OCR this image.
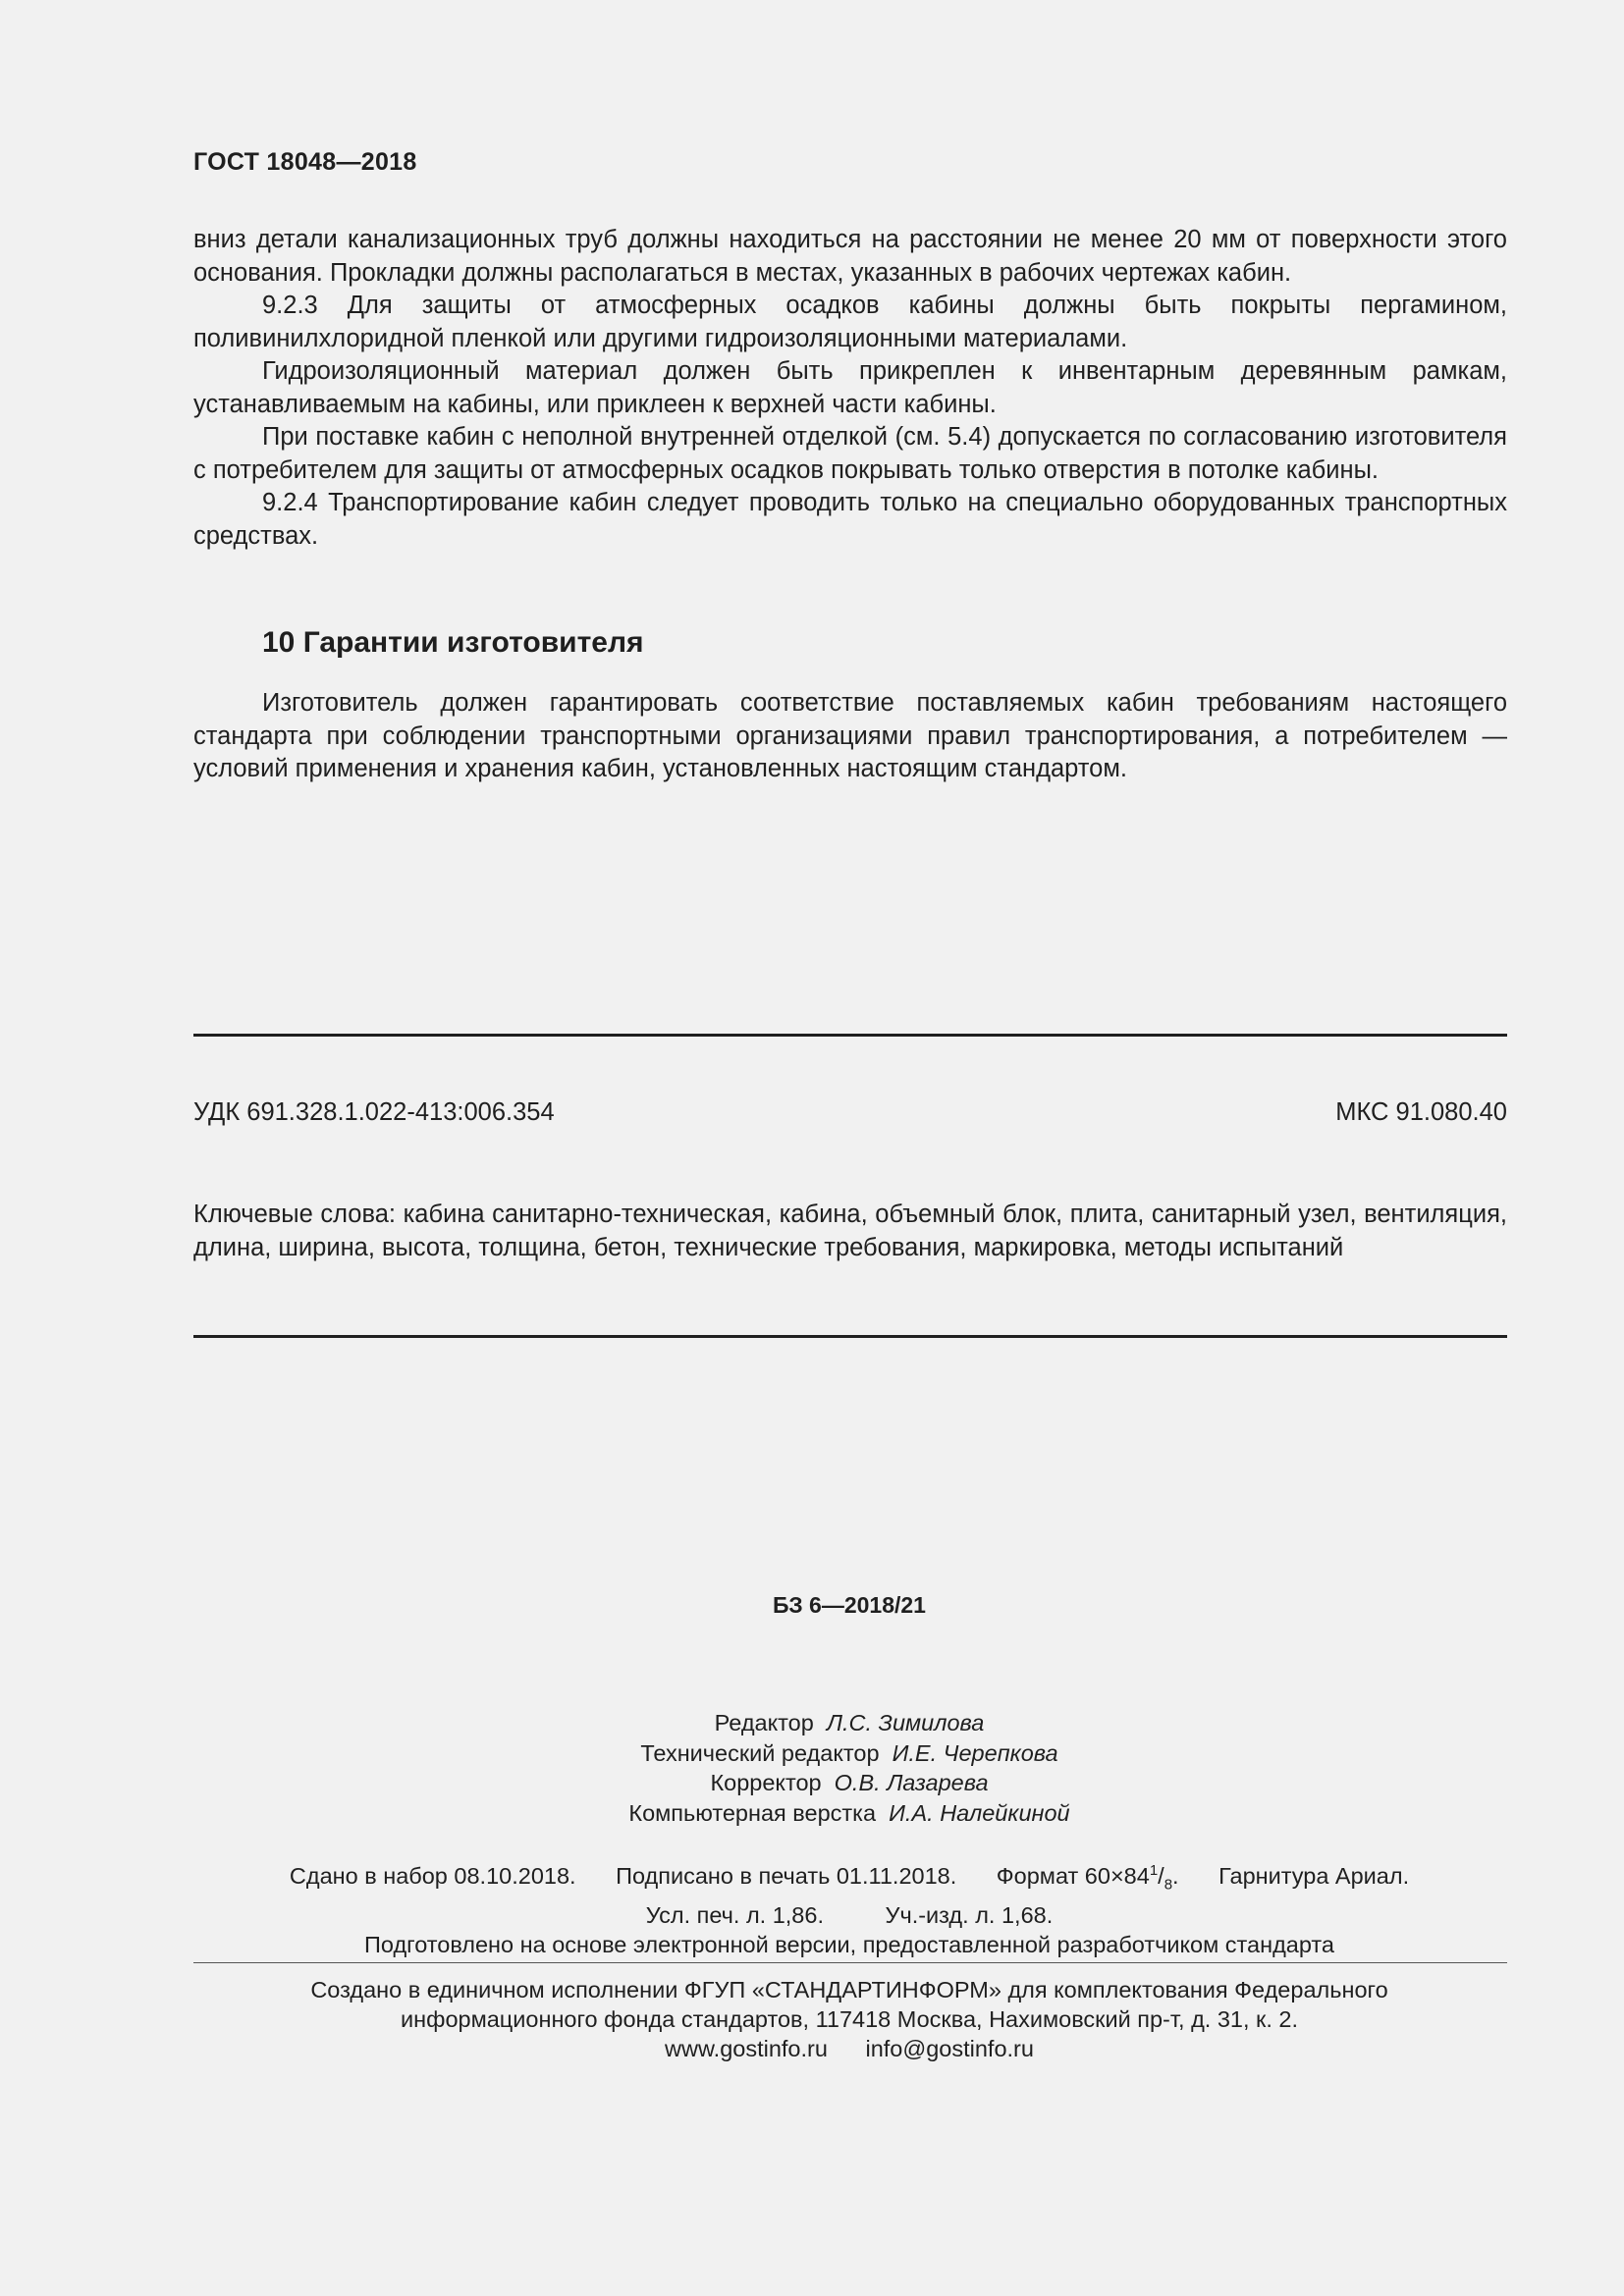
ГОСТ 18048—2018

вниз детали канализационных труб должны находиться на расстоянии не менее 20 мм от поверхности этого основания. Прокладки должны располагаться в местах, указанных в рабочих чертежах кабин.

9.2.3 Для защиты от атмосферных осадков кабины должны быть покрыты пергамином, поливинилхлоридной пленкой или другими гидроизоляционными материалами.

Гидроизоляционный материал должен быть прикреплен к инвентарным деревянным рамкам, устанавливаемым на кабины, или приклеен к верхней части кабины.

При поставке кабин с неполной внутренней отделкой (см. 5.4) допускается по согласованию изготовителя с потребителем для защиты от атмосферных осадков покрывать только отверстия в потолке кабины.

9.2.4 Транспортирование кабин следует проводить только на специально оборудованных транспортных средствах.

10 Гарантии изготовителя

Изготовитель должен гарантировать соответствие поставляемых кабин требованиям настоящего стандарта при соблюдении транспортными организациями правил транспортирования, а потребителем — условий применения и хранения кабин, установленных настоящим стандартом.

УДК 691.328.1.022-413:006.354	МКС 91.080.40
Ключевые слова: кабина санитарно-техническая, кабина, объемный блок, плита, санитарный узел, вентиляция, длина, ширина, высота, толщина, бетон, технические требования, маркировка, методы испытаний
БЗ 6—2018/21
Редактор Л.С. Зимилова
Технический редактор И.Е. Черепкова
Корректор О.В. Лазарева
Компьютерная верстка И.А. Налейкиной
Сдано в набор 08.10.2018. Подписано в печать 01.11.2018. Формат $60\times 84^1/_8$. Гарнитура Ариал.
Усл. печ. л. 1,86.	Уч.-изд. л. 1,68.
Подготовлено на основе электронной версии, предоставленной разработчиком стандарта
Создано в единичном исполнении ФГУП «СТАНДАРТИНФОРМ» для комплектования Федерального
информационного фонда стандартов, 117418 Москва, Нахимовский пр-т, д. 31, к. 2.
www.gostinfo.ru info@gostinfo.ru
